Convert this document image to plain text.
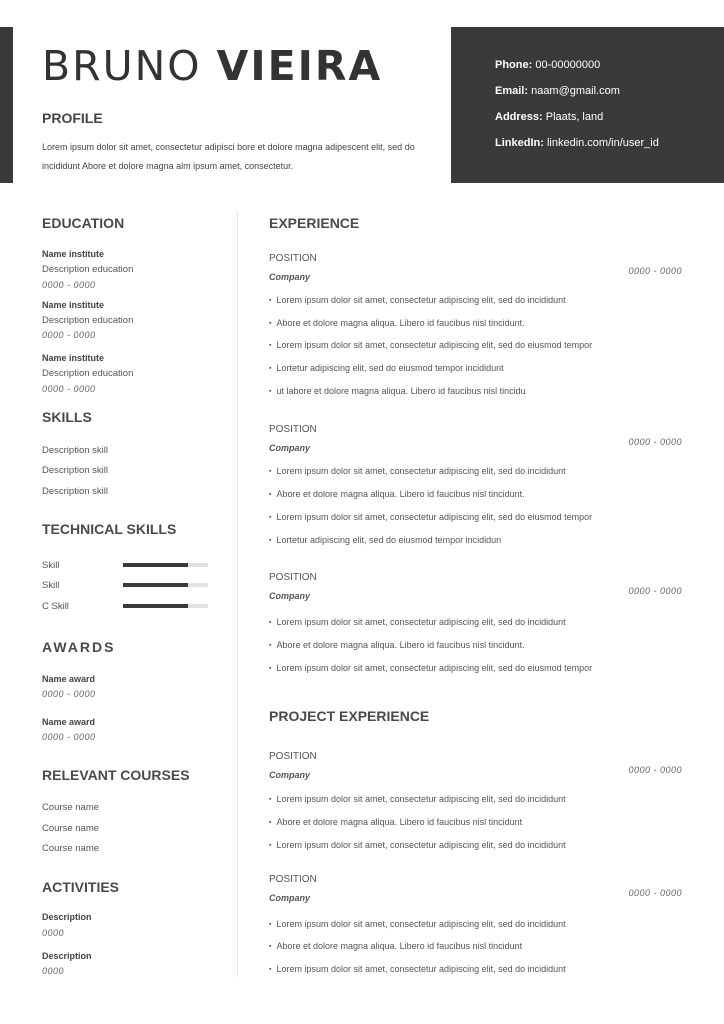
BRUNO VIEIRA
PROFILE
Lorem ipsum dolor sit amet, consectetur adipisci bore et dolore magna adipescent elit, sed do incididunt Abore et dolore magna alm ipsum amet, consectetur.
Phone: 00-00000000
Email: naam@gmail.com
Address: Plaats, land
LinkedIn: linkedin.com/in/user_id
EDUCATION
Name institute
Description education
0000 - 0000
Name institute
Description education
0000 - 0000
Name institute
Description education
0000 - 0000
SKILLS
Description skill
Description skill
Description skill
TECHNICAL SKILLS
Skill
Skill
C Skill
AWARDS
Name award
0000 - 0000
Name award
0000 - 0000
RELEVANT COURSES
Course name
Course name
Course name
ACTIVITIES
Description
0000
Description
0000
EXPERIENCE
POSITION
Company
0000 - 0000
▪ Lorem ipsum dolor sit amet, consectetur adipiscing elit, sed do incididunt
▪ Abore et dolore magna aliqua. Libero id faucibus nisl tincidunt.
▪ Lorem ipsum dolor sit amet, consectetur adipiscing elit, sed do eiusmod tempor
▪ Lortetur adipiscing elit, sed do eiusmod tempor incididunt
▪ ut labore et dolore magna aliqua. Libero id faucibus nisl tincidu
POSITION
Company
0000 - 0000
▪ Lorem ipsum dolor sit amet, consectetur adipiscing elit, sed do incididunt
▪ Abore et dolore magna aliqua. Libero id faucibus nisl tincidunt.
▪ Lorem ipsum dolor sit amet, consectetur adipiscing elit, sed do eiusmod tempor
▪ Lortetur adipiscing elit, sed do eiusmod tempor incididun
POSITION
Company	0000 - 0000
▪ Lorem ipsum dolor sit amet, consectetur adipiscing elit, sed do incididunt
▪ Abore et dolore magna aliqua. Libero id faucibus nisl tincidunt.
▪ Lorem ipsum dolor sit amet, consectetur adipiscing elit, sed do eiusmod tempor
PROJECT EXPERIENCE
POSITION
Company	0000 - 0000
▪ Lorem ipsum dolor sit amet, consectetur adipiscing elit, sed do incididunt
▪ Abore et dolore magna aliqua. Libero id faucibus nisl tincidunt
▪ Lorem ipsum dolor sit amet, consectetur adipiscing elit, sed do incididunt
POSITION
Company	0000 - 0000
▪ Lorem ipsum dolor sit amet, consectetur adipiscing elit, sed do incididunt
▪ Abore et dolore magna aliqua. Libero id faucibus nisl tincidunt
▪ Lorem ipsum dolor sit amet, consectetur adipiscing elit, sed do incididunt
